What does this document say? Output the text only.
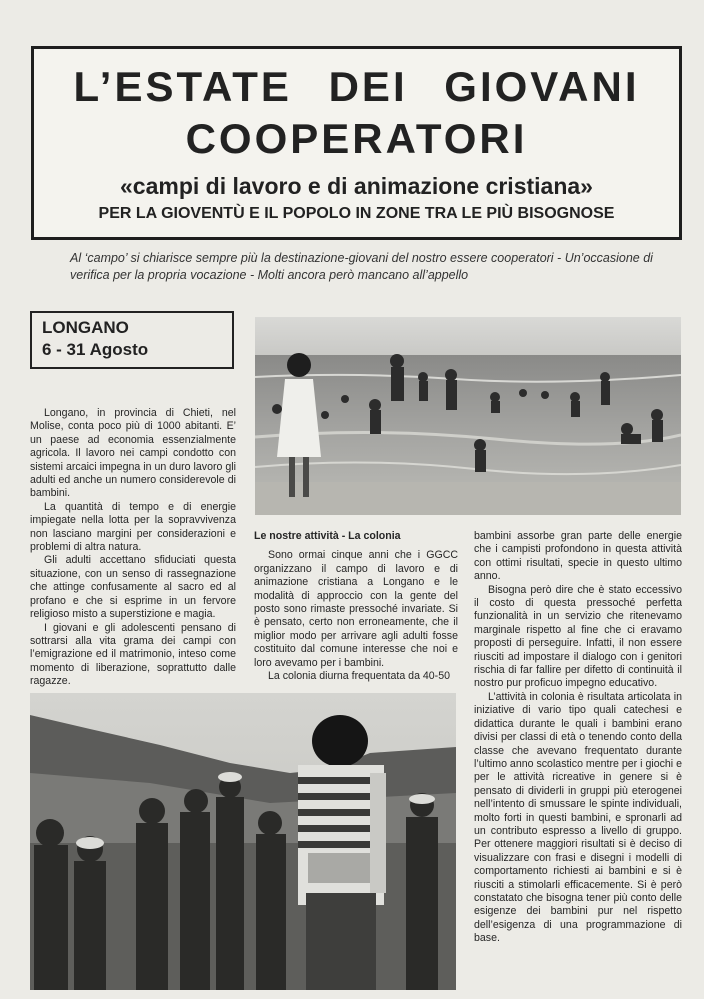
L’ESTATE DEI GIOVANI
COOPERATORI
«campi di lavoro e di animazione cristiana»
PER LA GIOVENTÙ E IL POPOLO IN ZONE TRA LE PIÙ BISOGNOSE
Al ‘campo’ si chiarisce sempre più la destinazione-giovani del nostro essere cooperatori - Un’occasione di verifica per la propria vocazione - Molti ancora però mancano all’appello
LONGANO
6 - 31 Agosto

Longano, in provincia di Chieti, nel Molise, conta poco più di 1000 abitanti. E’ un paese ad economia essenzialmente agricola. Il lavoro nei campi condotto con sistemi arcaici impegna in un duro lavoro gli adulti ed anche un numero considerevole di bambini.

La quantità di tempo e di energie impiegate nella lotta per la sopravvivenza non lasciano margini per considerazioni e problemi di altra natura.

Gli adulti accettano sfiduciati questa situazione, con un senso di rassegnazione che attinge confusamente al sacro ed al profano e che si esprime in un fervore religioso misto a superstizione e magia.

I giovani e gli adolescenti pensano di sottrarsi alla vita grama dei campi con l’emigrazione ed il matrimonio, inteso come momento di liberazione, soprattutto dalle ragazze.

Le nostre attività - La colonia

Sono ormai cinque anni che i GGCC organizzano il campo di lavoro e di animazione cristiana a Longano e le modalità di approccio con la gente del posto sono rimaste pressoché invariate. Si è pensato, certo non erroneamente, che il miglior modo per arrivare agli adulti fosse costituito dal comune interesse che noi e loro avevamo per i bambini.

La colonia diurna frequentata da 40-50

bambini assorbe gran parte delle energie che i campisti profondono in questa attività con ottimi risultati, specie in questo ultimo anno.

Bisogna però dire che è stato eccessivo il costo di questa pressoché perfetta funzionalità in un servizio che ritenevamo marginale rispetto al fine che ci eravamo proposti di perseguire. Infatti, il non essere riusciti ad impostare il dialogo con i genitori rischia di far fallire per difetto di continuità il nostro pur proficuo impegno educativo.

L’attività in colonia è risultata articolata in iniziative di vario tipo quali catechesi e didattica durante le quali i bambini erano divisi per classi di età o tenendo conto della classe che avevano frequentato durante l’ultimo anno scolastico mentre per i giochi e per le attività ricreative in genere si è pensato di dividerli in gruppi più eterogenei nell’intento di smussare le spinte individuali, molto forti in questi bambini, e spronarli ad un contributo espresso a livello di gruppo. Per ottenere maggiori risultati si è deciso di visualizzare con frasi e disegni i modelli di comportamento richiesti ai bambini e si è riusciti a stimolarli efficacemente. Si è però constatato che bisogna tener più conto delle esigenze dei bambini pur nel rispetto dell’esigenza di una programmazione di base.
